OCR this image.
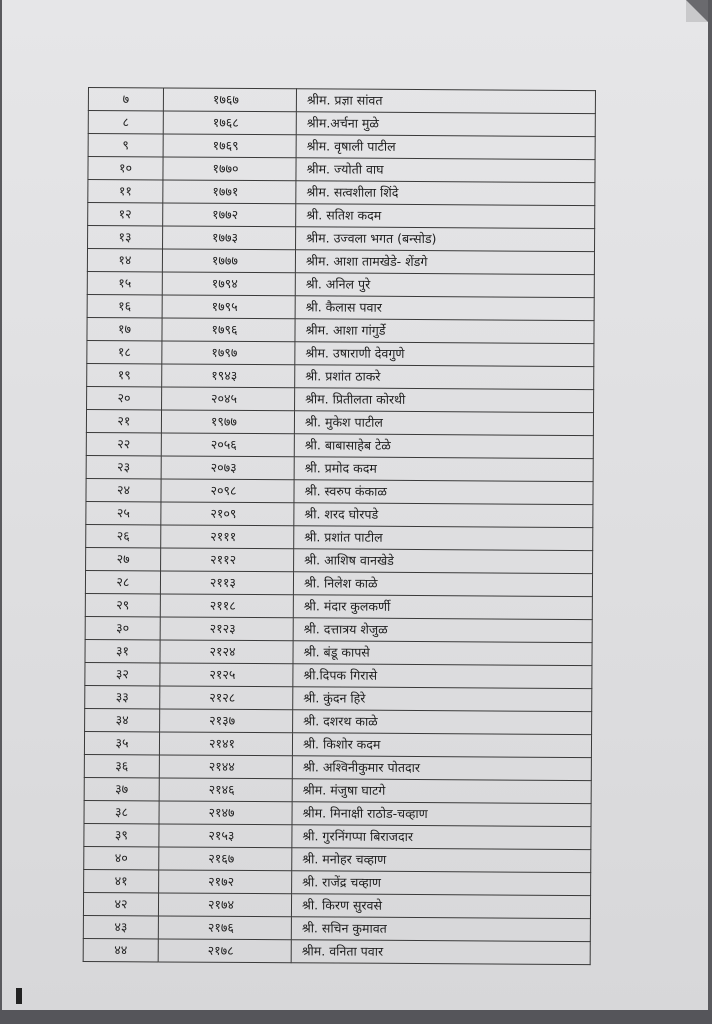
७	१७६७	श्रीम. प्रज्ञा सांवत
८	१७६८	श्रीम.अर्चना मुळे
९	१७६९	श्रीम. वृषाली पाटील
१०	१७७०	श्रीम. ज्योती वाघ
११	१७७१	श्रीम. सत्वशीला शिंदे
१२	१७७२	श्री. सतिश कदम
१३	१७७३	श्रीम. उज्वला भगत (बन्सोड)
१४	१७७७	श्रीम. आशा तामखेडे- शेंडगे
१५	१७९४	श्री. अनिल पुरे
१६	१७९५	श्री. कैलास पवार
१७	१७९६	श्रीम. आशा गांगुर्डे
१८	१७९७	श्रीम. उषाराणी देवगुणे
१९	१९४३	श्री. प्रशांत ठाकरे
२०	२०४५	श्रीम. प्रितीलता कोरथी
२१	१९७७	श्री. मुकेश पाटील
२२	२०५६	श्री. बाबासाहेब टेळे
२३	२०७३	श्री. प्रमोद कदम
२४	२०९८	श्री. स्वरुप कंकाळ
२५	२१०९	श्री. शरद घोरपडे
२६	२१११	श्री. प्रशांत पाटील
२७	२११२	श्री. आशिष वानखेडे
२८	२११३	श्री. निलेश काळे
२९	२११८	श्री. मंदार कुलकर्णी
३०	२१२३	श्री. दत्तात्रय शेजुळ
३१	२१२४	श्री. बंडू कापसे
३२	२१२५	श्री.दिपक गिरासे
३३	२१२८	श्री. कुंदन हिरे
३४	२१३७	श्री. दशरथ काळे
३५	२१४१	श्री. किशोर कदम
३६	२१४४	श्री. अश्विनीकुमार पोतदार
३७	२१४६	श्रीम. मंजुषा घाटगे
३८	२१४७	श्रीम. मिनाक्षी राठोड-चव्हाण
३९	२१५३	श्री. गुरनिंगप्पा बिराजदार
४०	२१६७	श्री. मनोहर चव्हाण
४१	२१७२	श्री. राजेंद्र चव्हाण
४२	२१७४	श्री. किरण सुरवसे
४३	२१७६	श्री. सचिन कुमावत
४४	२१७८	श्रीम. वनिता पवार
